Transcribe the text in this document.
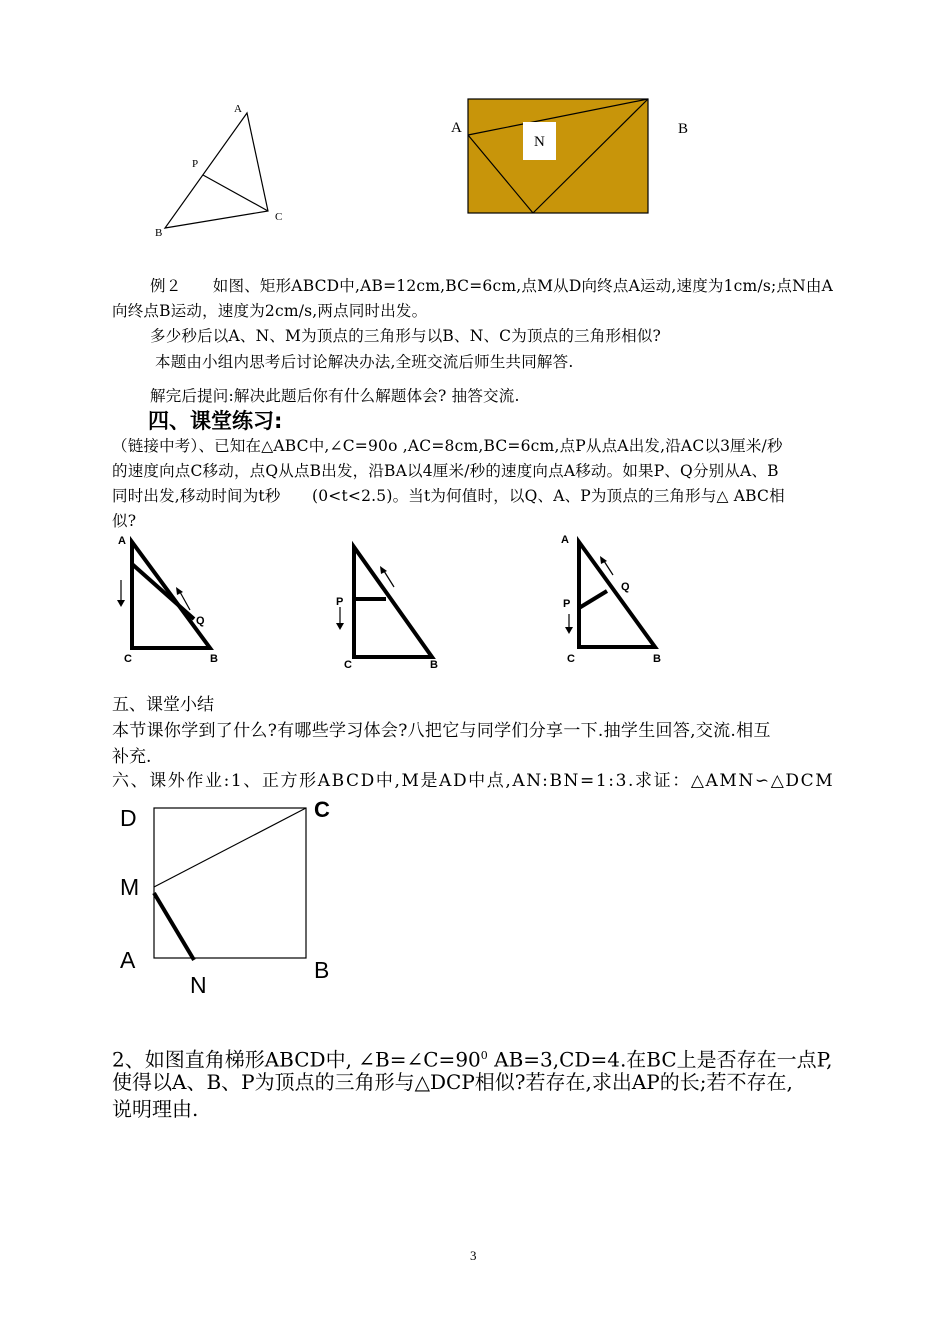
A
P
B
C
N
A	B
例２　　如图、矩形ABCD中,AB=12cm,BC=6cm,点M从D向终点A运动,速度为1cm/s;点N由A
向终点B运动，速度为2cm/s,两点同时出发。
多少秒后以A、N、M为顶点的三角形与以B、N、C为顶点的三角形相似?
本题由小组内思考后讨论解决办法,全班交流后师生共同解答.
解完后提问:解决此题后你有什么解题体会? 抽答交流.
四、课堂练习:
（链接中考）、已知在△ABC中,∠C=90o ,AC=8cm,BC=6cm,点P从点A出发,沿AC以3厘米/秒
的速度向点C移动，点Q从点B出发，沿BA以4厘米/秒的速度向点A移动。如果P、Q分别从A、B
同时出发,移动时间为t秒　　(0<t<2.5)。当t为何值时，以Q、A、P为顶点的三角形与△ ABC相
似?
A
Q
C	B
P
C	B
A
Q
P
C	B
五、课堂小结
本节课你学到了什么?有哪些学习体会?八把它与同学们分享一下.抽学生回答,交流.相互
补充.
六、课外作业:1、正方形ABCD中,M是AD中点,AN:BN=1:3.求证：△AMN∽△DCM
D	C
M
A	B
N
2、如图直角梯形ABCD中, $\angle B=\angle C=90^0$ AB=3,CD=4.在BC上是否存在一点P,
使得以A、B、P为顶点的三角形与△DCP相似?若存在,求出AP的长;若不存在,
说明理由.
3
